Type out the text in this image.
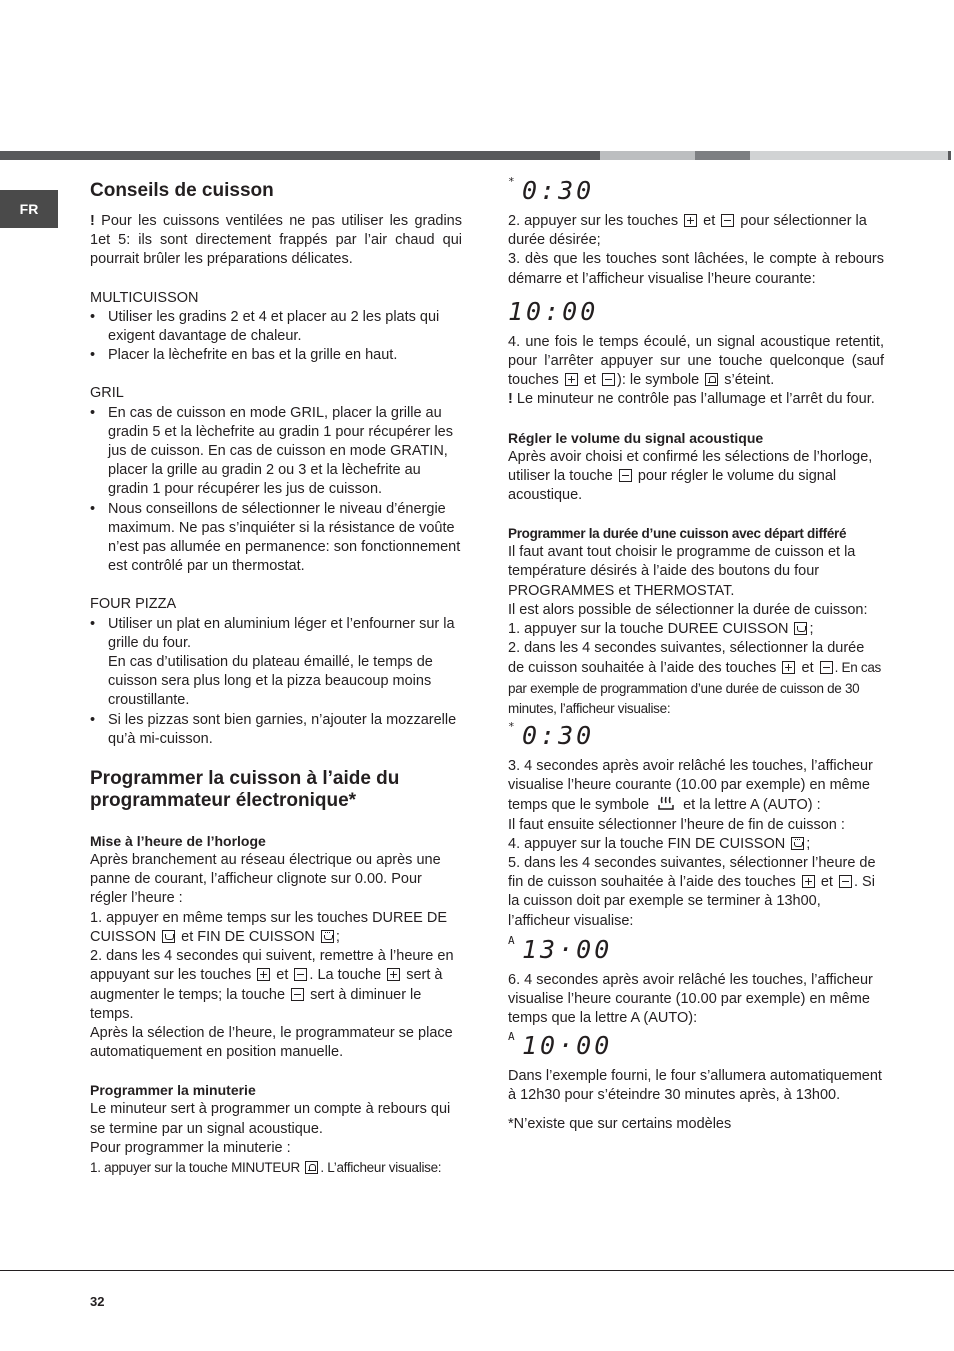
FR
Conseils de cuisson

! Pour les cuissons ventilées ne pas utiliser les gradins 1et 5: ils sont directement frappés par l’air chaud qui pourrait brûler les préparations délicates.

MULTICUISSON

• Utiliser les gradins 2 et 4 et placer au 2 les plats qui exigent davantage de chaleur.
• Placer la lèchefrite en bas et la grille en haut.

GRIL

• En cas de cuisson en mode GRIL, placer la grille au gradin 5 et la lèchefrite au gradin 1 pour récupérer les jus de cuisson. En cas de cuisson en mode GRATIN, placer la grille au gradin 2 ou 3 et la lèchefrite au gradin 1 pour récupérer les jus de cuisson.
• Nous conseillons de sélectionner le niveau d’énergie maximum. Ne pas s’inquiéter si la résistance de voûte n’est pas allumée en permanence: son fonctionnement est contrôlé par un thermostat.

FOUR PIZZA

• Utiliser un plat en aluminium léger et l’enfourner sur la grille du four.

En cas d’utilisation du plateau émaillé, le temps de cuisson sera plus long et la pizza beaucoup moins croustillante.

• Si les pizzas sont bien garnies, n’ajouter la mozzarelle qu’à mi-cuisson.
Programmer la cuisson à l’aide du programmateur électronique*
Mise à l’heure de l’horloge

Après branchement au réseau électrique ou après une panne de courant, l’afficheur clignote sur 0.00. Pour régler l’heure :

1. appuyer en même temps sur les touches DUREE DE CUISSON et FIN DE CUISSON ;

2. dans les 4 secondes qui suivent, remettre à l’heure en appuyant sur les touches et . La touche sert à augmenter le temps; la touche sert à diminuer le temps.

Après la sélection de l’heure, le programmateur se place automatiquement en position manuelle.

Programmer la minuterie

Le minuteur sert à programmer un compte à rebours qui se termine par un signal acoustique.

Pour programmer la minuterie :

1. appuyer sur la touche MINUTEUR . L’afficheur visualise:

* 0:30

2. appuyer sur les touches et pour sélectionner la durée désirée;

3. dès que les touches sont lâchées, le compte à rebours démarre et l’afficheur visualise l’heure courante:

10:00

4. une fois le temps écoulé, un signal acoustique retentit, pour l’arrêter appuyer sur une touche quelconque (sauf touches et ): le symbole s’éteint.

! Le minuteur ne contrôle pas l’allumage et l’arrêt du four.

Régler le volume du signal acoustique

Après avoir choisi et confirmé les sélections de l’horloge, utiliser la touche pour régler le volume du signal acoustique.

Programmer la durée d’une cuisson avec départ différé

Il faut avant tout choisir le programme de cuisson et la température désirés à l’aide des boutons du four PROGRAMMES et THERMOSTAT.

Il est alors possible de sélectionner la durée de cuisson:

1. appuyer sur la touche DUREE CUISSON ;

2. dans les 4 secondes suivantes, sélectionner la durée de cuisson souhaitée à l’aide des touches et . En cas par exemple de programmation d’une durée de cuisson de 30 minutes, l’afficheur visualise:

* 0:30

3. 4 secondes après avoir relâché les touches, l’afficheur visualise l’heure courante (10.00 par exemple) en même temps que le symbole et la lettre A (AUTO) :

Il faut ensuite sélectionner l’heure de fin de cuisson :

4. appuyer sur la touche FIN DE CUISSON ;

5. dans les 4 secondes suivantes, sélectionner l’heure de fin de cuisson souhaitée à l’aide des touches et . Si la cuisson doit par exemple se terminer à 13h00, l’afficheur visualise:

A 13·00

6. 4 secondes après avoir relâché les touches, l’afficheur visualise l’heure courante (10.00 par exemple) en même temps que la lettre A (AUTO):

A 10·00

Dans l’exemple fourni, le four s’allumera automatiquement à 12h30 pour s’éteindre 30 minutes après, à 13h00.

*N’existe que sur certains modèles

32
